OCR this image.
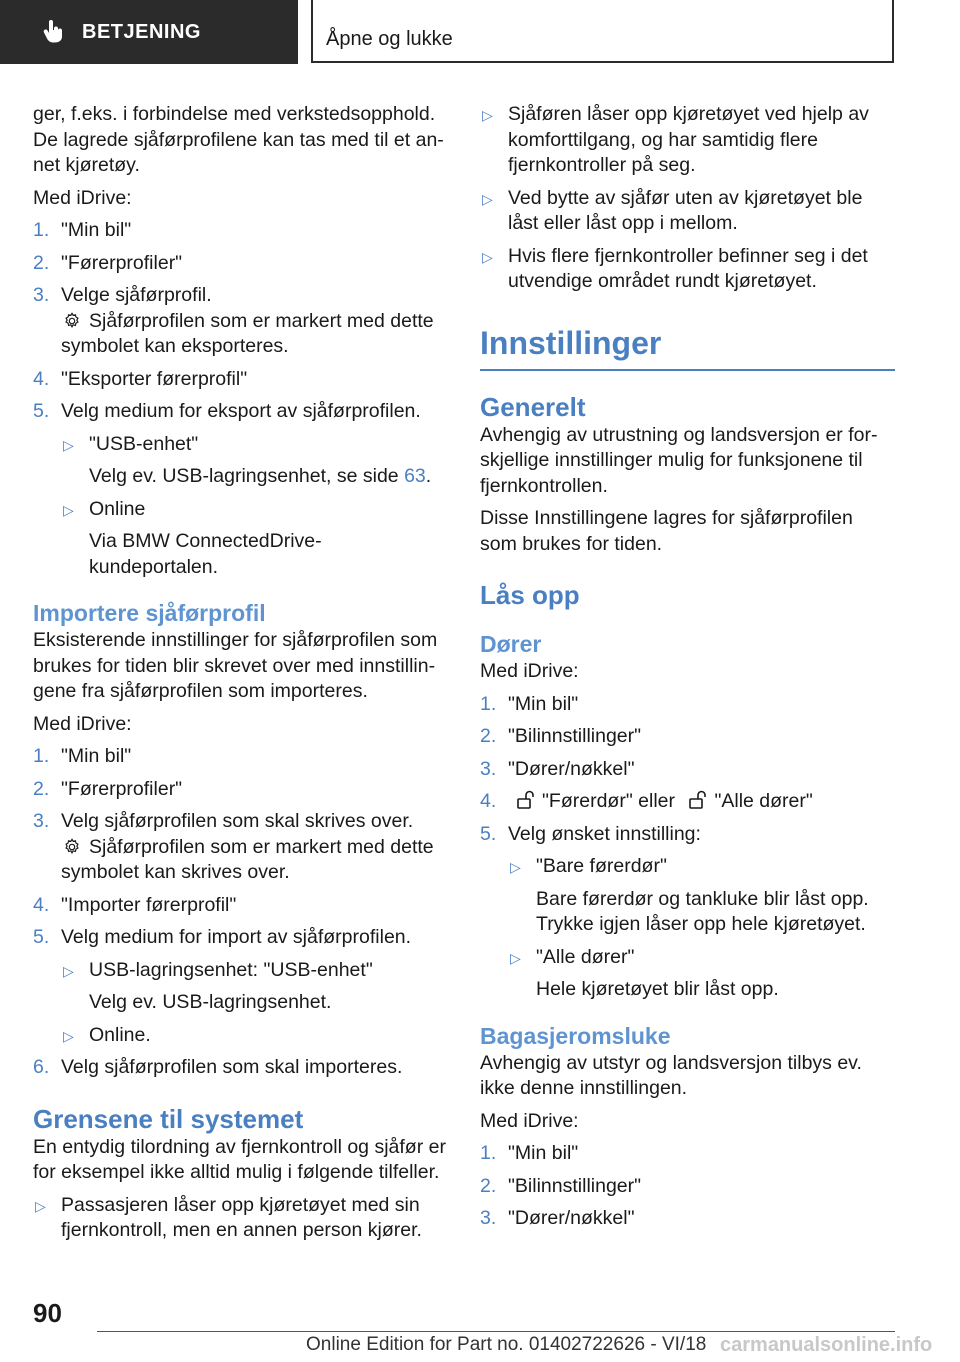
BETJENING	Åpne og lukke

ger, f.eks. i forbindelse med verkstedsopphold. De lagrede sjåførprofilene kan tas med til et annet kjøretøy.

Med iDrive:

1. "Min bil"
2. "Førerprofiler"
3. Velge sjåførprofil.
Sjåførprofilen som er markert med dette symbolet kan eksporteres.
4. "Eksporter førerprofil"
5. Velg medium for eksport av sjåførprofilen.
▷ "USB-enhet"
Velg ev. USB-lagringsenhet, se side 63.
▷ Online
Via BMW ConnectedDrive-kundeportalen.
Importere sjåførprofil

Eksisterende innstillinger for sjåførprofilen som brukes for tiden blir skrevet over med innstillingene fra sjåførprofilen som importeres.

Med iDrive:

1. "Min bil"
2. "Førerprofiler"
3. Velg sjåførprofilen som skal skrives over.
Sjåførprofilen som er markert med dette symbolet kan skrives over.
4. "Importer førerprofil"
5. Velg medium for import av sjåførprofilen.
▷ USB-lagringsenhet: "USB-enhet"
Velg ev. USB-lagringsenhet.
▷ Online.
6. Velg sjåførprofilen som skal importeres.
Grensene til systemet

En entydig tilordning av fjernkontroll og sjåfør er for eksempel ikke alltid mulig i følgende tilfeller.

▷ Passasjeren låser opp kjøretøyet med sin fjernkontroll, men en annen person kjører.
▷ Sjåføren låser opp kjøretøyet ved hjelp av komforttilgang, og har samtidig flere fjernkontroller på seg.
▷ Ved bytte av sjåfør uten av kjøretøyet ble låst eller låst opp i mellom.
▷ Hvis flere fjernkontroller befinner seg i det utvendige området rundt kjøretøyet.
Innstillinger
Generelt

Avhengig av utrustning og landsversjon er forskjellige innstillinger mulig for funksjonene til fjernkontrollen.

Disse Innstillingene lagres for sjåførprofilen som brukes for tiden.

Lås opp
Dører

Med iDrive:

1. "Min bil"
2. "Bilinnstillinger"
3. "Dører/nøkkel"
4. "Førerdør" eller "Alle dører"
5. Velg ønsket innstilling:
▷ "Bare førerdør"
Bare førerdør og tankluke blir låst opp. Trykke igjen låser opp hele kjøretøyet.
▷ "Alle dører"
Hele kjøretøyet blir låst opp.
Bagasjeromsluke

Avhengig av utstyr og landsversjon tilbys ev. ikke denne innstillingen.

Med iDrive:

1. "Min bil"
2. "Bilinnstillinger"
3. "Dører/nøkkel"
90
Online Edition for Part no. 01402722626 - VI/18 carmanualsonline.info
